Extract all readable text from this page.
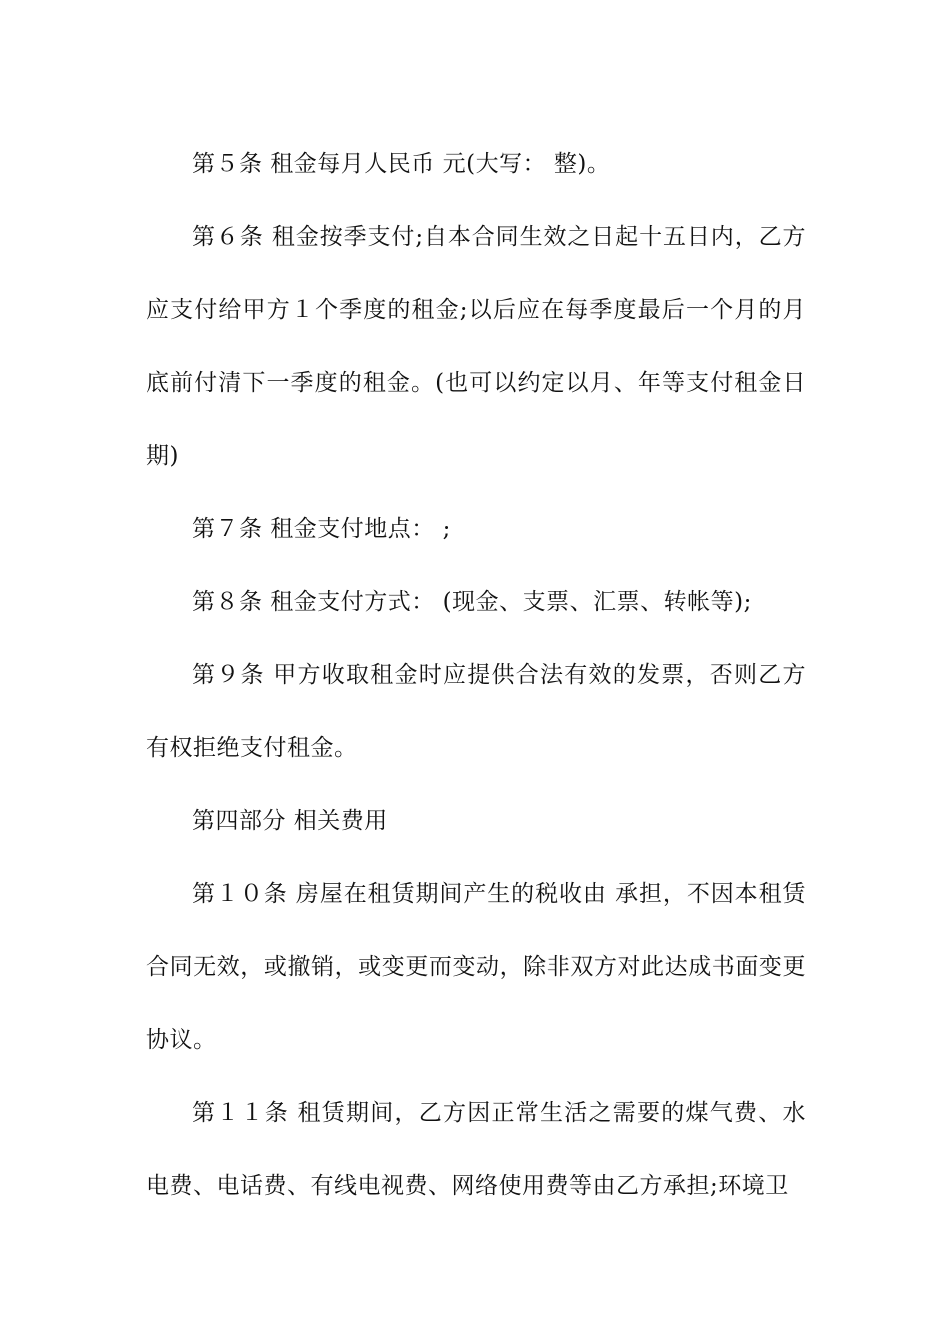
第５条 租金每月人民币 元(大写： 整)。

第６条 租金按季支付;自本合同生效之日起十五日内，乙方应支付给甲方１个季度的租金;以后应在每季度最后一个月的月底前付清下一季度的租金。(也可以约定以月、年等支付租金日期)

第７条 租金支付地点： ;

第８条 租金支付方式： (现金、支票、汇票、转帐等);

第９条 甲方收取租金时应提供合法有效的发票，否则乙方有权拒绝支付租金。

第四部分 相关费用

第１０条 房屋在租赁期间产生的税收由 承担，不因本租赁合同无效，或撤销，或变更而变动，除非双方对此达成书面变更协议。

第１１条 租赁期间，乙方因正常生活之需要的煤气费、水电费、电话费、有线电视费、网络使用费等由乙方承担;环境卫
